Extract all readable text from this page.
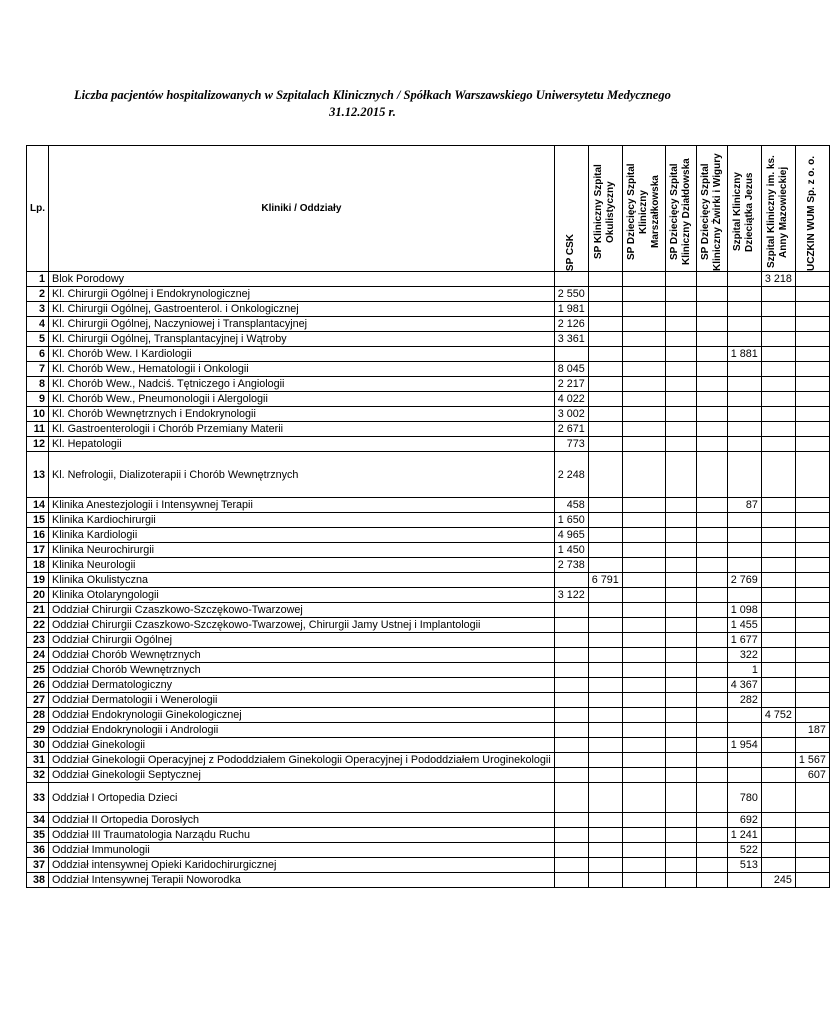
Liczba pacjentów hospitalizowanych w Szpitalach Klinicznych / Spółkach Warszawskiego Uniwersytetu Medycznego
31.12.2015 r.
Lp.	Kliniki / Oddziały	SP CSK	SP Kliniczny Szpital Okulistyczny	SP Dziecięcy Szpital Kliniczny Marszałkowska	SP Dziecięcy Szpital Kliniczny Działdowska	SP Dziecięcy Szpital Kliniczny Żwirki i Wigury	Szpital Kliniczny Dzieciątka Jezus	Szpital Kliniczny im. ks. Anny Mazowieckiej	UCZKIN WUM Sp. z o. o.

1	Blok Porodowy							3 218	
2	Kl. Chirurgii Ogólnej i Endokrynologicznej	2 550							
3	Kl. Chirurgii Ogólnej, Gastroenterol. i Onkologicznej	1 981							
4	Kl. Chirurgii Ogólnej, Naczyniowej i Transplantacyjnej	2 126							
5	Kl. Chirurgii Ogólnej, Transplantacyjnej i Wątroby	3 361							
6	Kl. Chorób Wew. I Kardiologii						1 881		
7	Kl. Chorób Wew., Hematologii i Onkologii	8 045							
8	Kl. Chorób Wew., Nadciś. Tętniczego i Angiologii	2 217							
9	Kl. Chorób Wew., Pneumonologii i Alergologii	4 022							
10	Kl. Chorób Wewnętrznych i Endokrynologii	3 002							
11	Kl. Gastroenterologii i Chorób Przemiany Materii	2 671							
12	Kl. Hepatologii	773							
13	Kl. Nefrologii, Dializoterapii i Chorób Wewnętrznych	2 248							
14	Klinika Anestezjologii i Intensywnej Terapii	458					87		
15	Klinika Kardiochirurgii	1 650							
16	Klinika Kardiologii	4 965							
17	Klinika Neurochirurgii	1 450							
18	Klinika Neurologii	2 738							
19	Klinika Okulistyczna		6 791				2 769		
20	Klinika Otolaryngologii	3 122							
21	Oddział Chirurgii Czaszkowo-Szczękowo-Twarzowej						1 098		
22	Oddział Chirurgii Czaszkowo-Szczękowo-Twarzowej, Chirurgii Jamy Ustnej i Implantologii						1 455		
23	Oddział Chirurgii Ogólnej						1 677		
24	Oddział Chorób Wewnętrznych						322		
25	Oddział Chorób Wewnętrznych						1		
26	Oddział Dermatologiczny						4 367		
27	Oddział Dermatologii i Wenerologii						282		
28	Oddział Endokrynologii Ginekologicznej							4 752	
29	Oddział Endokrynologii i Andrologii								187
30	Oddział Ginekologii						1 954		
31	Oddział Ginekologii Operacyjnej z Pododdziałem Ginekologii Operacyjnej i Pododdziałem Uroginekologii								1 567
32	Oddział Ginekologii Septycznej								607
33	Oddział I Ortopedia Dzieci						780		
34	Oddział II Ortopedia Dorosłych						692		
35	Oddział III Traumatologia Narządu Ruchu						1 241		
36	Oddział Immunologii						522		
37	Oddział intensywnej Opieki Karidochirurgicznej						513		
38	Oddział Intensywnej Terapii Noworodka							245	
